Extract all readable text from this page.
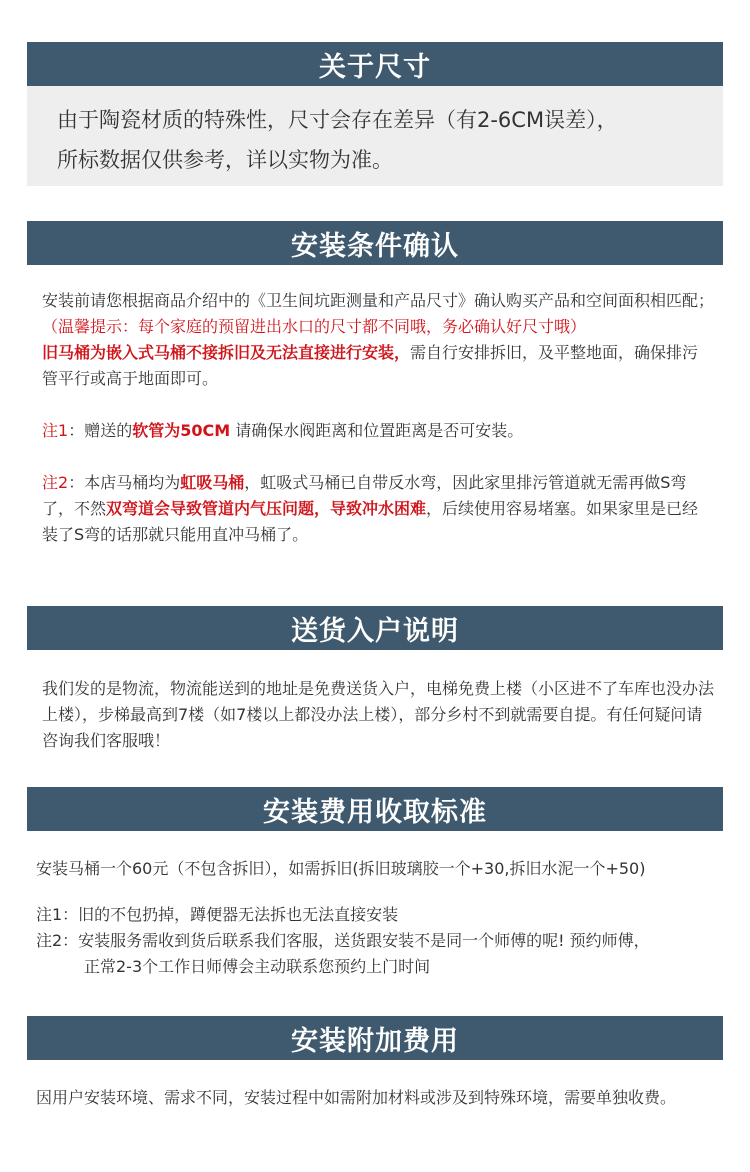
关于尺寸

由于陶瓷材质的特殊性，尺寸会存在差异（有2-6CM误差），

所标数据仅供参考，详以实物为准。

安装条件确认

安装前请您根据商品介绍中的《卫生间坑距测量和产品尺寸》确认购买产品和空间面积相匹配；（温馨提示：每个家庭的预留进出水口的尺寸都不同哦，务必确认好尺寸哦）

旧马桶为嵌入式马桶不接拆旧及无法直接进行安装，需自行安排拆旧，及平整地面，确保排污管平行或高于地面即可。

注1：赠送的软管为50CM 请确保水阀距离和位置距离是否可安装。

注2：本店马桶均为虹吸马桶，虹吸式马桶已自带反水弯，因此家里排污管道就无需再做S弯了，不然双弯道会导致管道内气压问题，导致冲水困难，后续使用容易堵塞。如果家里是已经装了S弯的话那就只能用直冲马桶了。

送货入户说明

我们发的是物流，物流能送到的地址是免费送货入户，电梯免费上楼（小区进不了车库也没办法上楼），步梯最高到7楼（如7楼以上都没办法上楼），部分乡村不到就需要自提。有任何疑问请咨询我们客服哦！

安装费用收取标准

安装马桶一个60元（不包含拆旧），如需拆旧(拆旧玻璃胶一个+30,拆旧水泥一个+50)

注1：旧的不包扔掉，蹲便器无法拆也无法直接安装

注2：安装服务需收到货后联系我们客服，送货跟安装不是同一个师傅的呢! 预约师傅，

正常2-3个工作日师傅会主动联系您预约上门时间

安装附加费用

因用户安装环境、需求不同，安装过程中如需附加材料或涉及到特殊环境，需要单独收费。
